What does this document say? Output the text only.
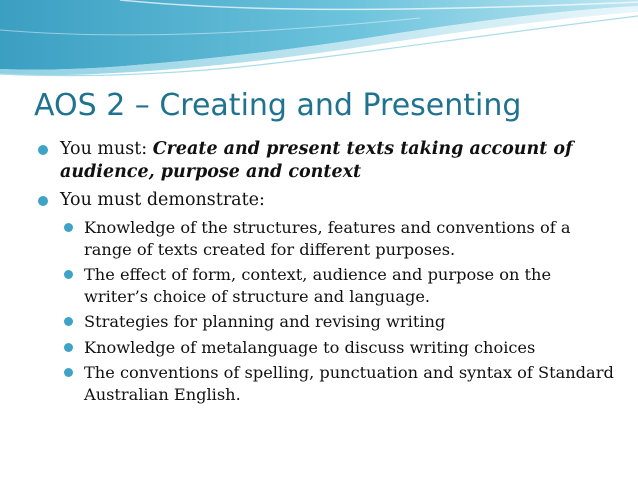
AOS 2 – Creating and Presenting
You must: Create and present texts taking account of audience, purpose and context
You must demonstrate:
Knowledge of the structures, features and conventions of a range of texts created for different purposes.
The effect of form, context, audience and purpose on the writer’s choice of structure and language.
Strategies for planning and revising writing
Knowledge of metalanguage to discuss writing choices
The conventions of spelling, punctuation and syntax of Standard Australian English.
